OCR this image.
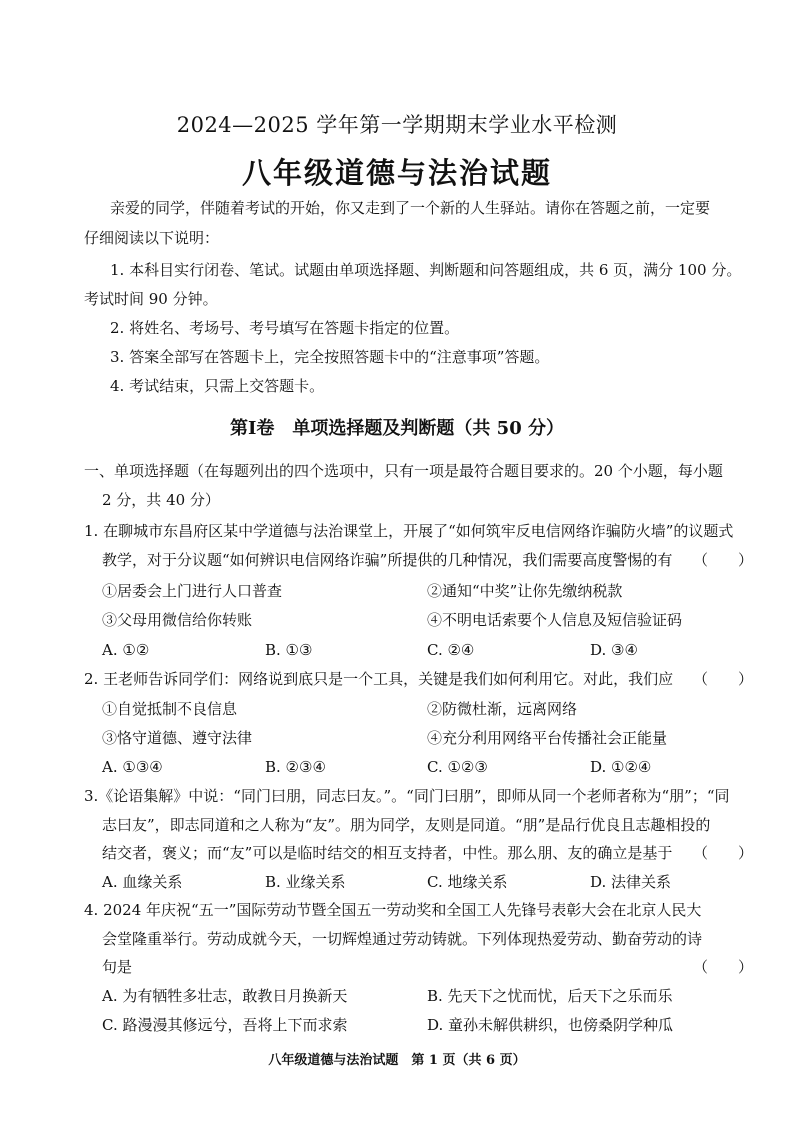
2024—2025 学年第一学期期末学业水平检测
八年级道德与法治试题
亲爱的同学，伴随着考试的开始，你又走到了一个新的人生驿站。请你在答题之前，一定要
仔细阅读以下说明：
1. 本科目实行闭卷、笔试。试题由单项选择题、判断题和问答题组成，共 6 页，满分 100 分。
考试时间 90 分钟。
2. 将姓名、考场号、考号填写在答题卡指定的位置。
3. 答案全部写在答题卡上，完全按照答题卡中的“注意事项”答题。
4. 考试结束，只需上交答题卡。
第Ⅰ卷　单项选择题及判断题（共 50 分）
一、单项选择题（在每题列出的四个选项中，只有一项是最符合题目要求的。20 个小题，每小题
2 分，共 40 分）
1. 在聊城市东昌府区某中学道德与法治课堂上，开展了“如何筑牢反电信网络诈骗防火墙”的议题式
教学，对于分议题“如何辨识电信网络诈骗”所提供的几种情况，我们需要高度警惕的有 （　　）
①居委会上门进行人口普查	②通知“中奖”让你先缴纳税款
③父母用微信给你转账	④不明电话索要个人信息及短信验证码
A. ①②	B. ①③	C. ②④	D. ③④
2. 王老师告诉同学们：网络说到底只是一个工具，关键是我们如何利用它。对此，我们应 （　　）
①自觉抵制不良信息	②防微杜渐，远离网络
③恪守道德、遵守法律	④充分利用网络平台传播社会正能量
A. ①③④	B. ②③④	C. ①②③	D. ①②④
3.《论语集解》中说：“同门曰朋，同志曰友。”。“同门曰朋”，即师从同一个老师者称为“朋”；“同
志曰友”，即志同道和之人称为“友”。朋为同学，友则是同道。“朋”是品行优良且志趣相投的
结交者，褒义；而“友”可以是临时结交的相互支持者，中性。那么朋、友的确立是基于 （　　）
A. 血缘关系	B. 业缘关系	C. 地缘关系	D. 法律关系
4. 2024 年庆祝“五一”国际劳动节暨全国五一劳动奖和全国工人先锋号表彰大会在北京人民大
会堂隆重举行。劳动成就今天，一切辉煌通过劳动铸就。下列体现热爱劳动、勤奋劳动的诗
句是	（　　）
A. 为有牺牲多壮志，敢教日月换新天	B. 先天下之忧而忧，后天下之乐而乐
C. 路漫漫其修远兮，吾将上下而求索	D. 童孙未解供耕织，也傍桑阴学种瓜
八年级道德与法治试题　第 1 页（共 6 页）
